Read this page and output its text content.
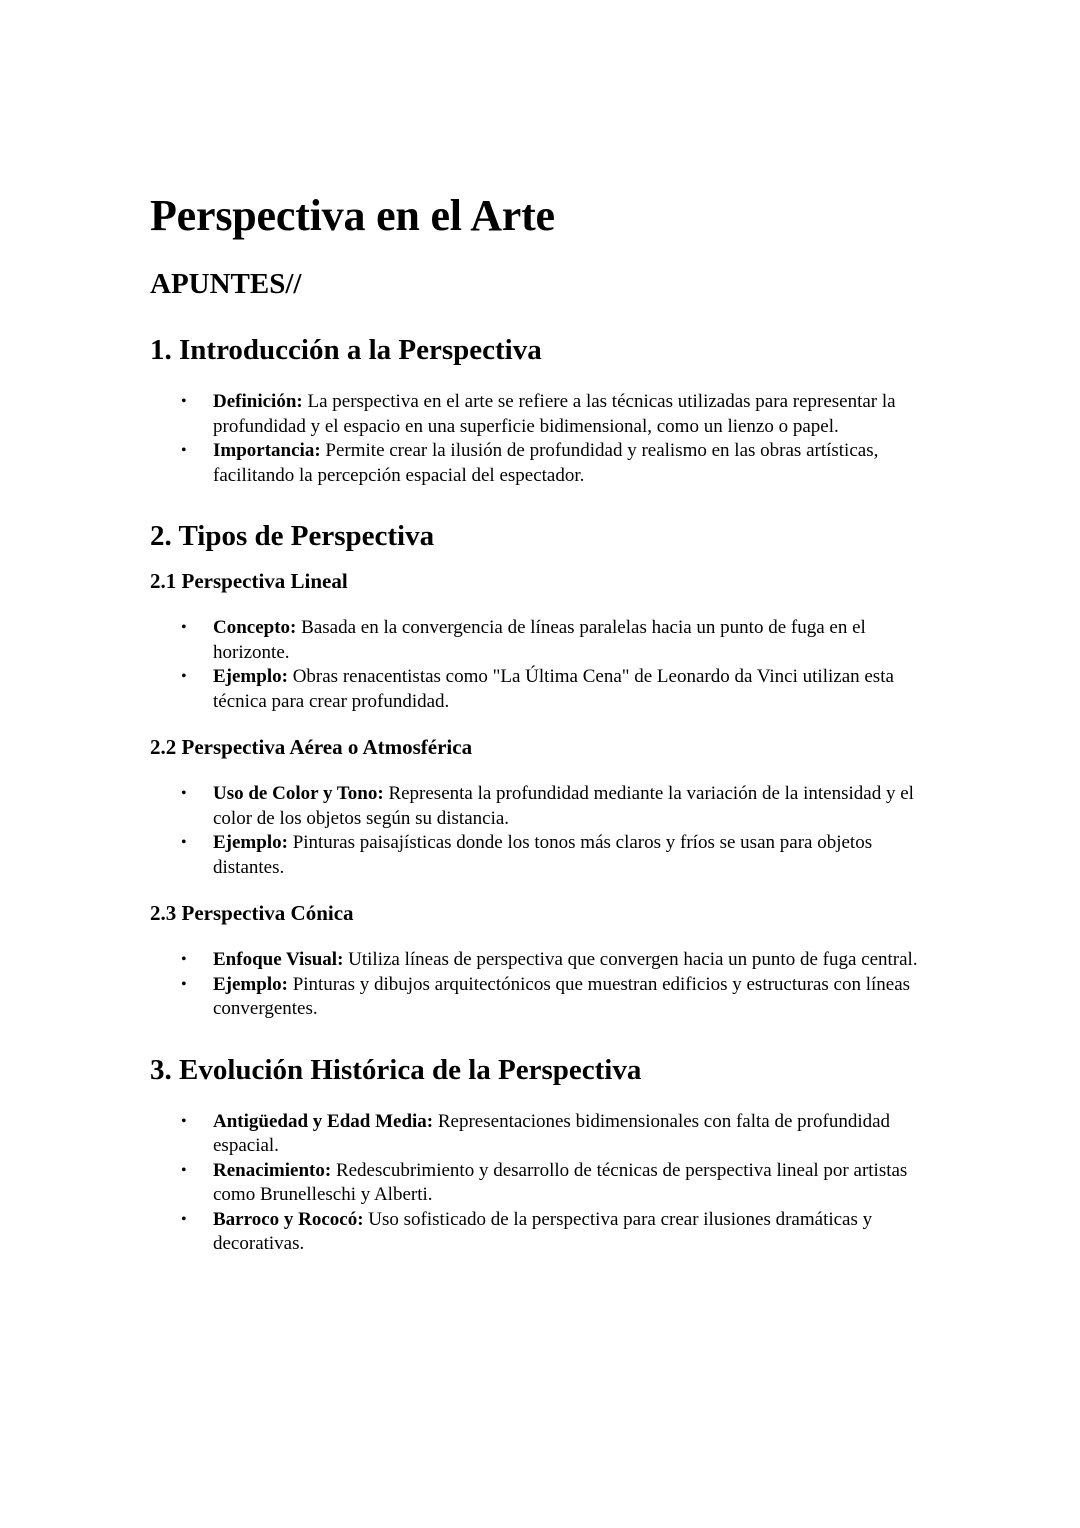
Perspectiva en el Arte
APUNTES//
1. Introducción a la Perspectiva
• Definición: La perspectiva en el arte se refiere a las técnicas utilizadas para representar la profundidad y el espacio en una superficie bidimensional, como un lienzo o papel.
• Importancia: Permite crear la ilusión de profundidad y realismo en las obras artísticas, facilitando la percepción espacial del espectador.
2. Tipos de Perspectiva
2.1 Perspectiva Lineal
• Concepto: Basada en la convergencia de líneas paralelas hacia un punto de fuga en el horizonte.
• Ejemplo: Obras renacentistas como "La Última Cena" de Leonardo da Vinci utilizan esta técnica para crear profundidad.
2.2 Perspectiva Aérea o Atmosférica
• Uso de Color y Tono: Representa la profundidad mediante la variación de la intensidad y el color de los objetos según su distancia.
• Ejemplo: Pinturas paisajísticas donde los tonos más claros y fríos se usan para objetos distantes.
2.3 Perspectiva Cónica
• Enfoque Visual: Utiliza líneas de perspectiva que convergen hacia un punto de fuga central.
• Ejemplo: Pinturas y dibujos arquitectónicos que muestran edificios y estructuras con líneas convergentes.
3. Evolución Histórica de la Perspectiva
• Antigüedad y Edad Media: Representaciones bidimensionales con falta de profundidad espacial.
• Renacimiento: Redescubrimiento y desarrollo de técnicas de perspectiva lineal por artistas como Brunelleschi y Alberti.
• Barroco y Rococó: Uso sofisticado de la perspectiva para crear ilusiones dramáticas y decorativas.
